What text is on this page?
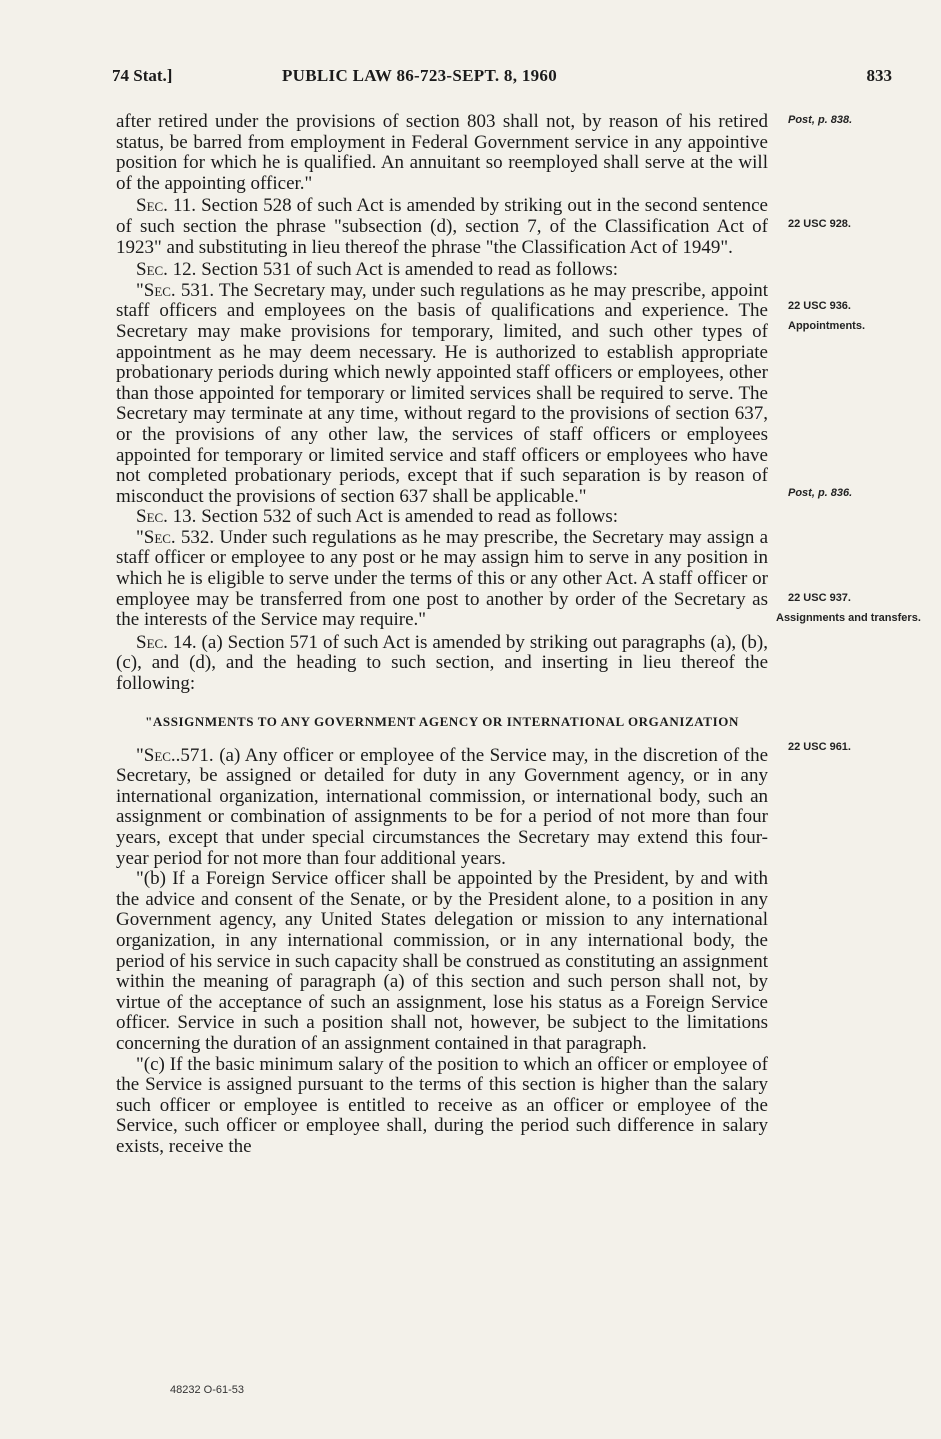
74 Stat.]	PUBLIC LAW 86-723-SEPT. 8, 1960	833

after retired under the provisions of section 803 shall not, by reason of his retired status, be barred from employment in Federal Government service in any appointive position for which he is qualified. An annuitant so reemployed shall serve at the will of the appointing officer."

Sec. 11. Section 528 of such Act is amended by striking out in the second sentence of such section the phrase "subsection (d), section 7, of the Classification Act of 1923" and substituting in lieu thereof the phrase "the Classification Act of 1949".

Sec. 12. Section 531 of such Act is amended to read as follows:

"Sec. 531. The Secretary may, under such regulations as he may prescribe, appoint staff officers and employees on the basis of qualifications and experience. The Secretary may make provisions for temporary, limited, and such other types of appointment as he may deem necessary. He is authorized to establish appropriate probationary periods during which newly appointed staff officers or employees, other than those appointed for temporary or limited services shall be required to serve. The Secretary may terminate at any time, without regard to the provisions of section 637, or the provisions of any other law, the services of staff officers or employees appointed for temporary or limited service and staff officers or employees who have not completed probationary periods, except that if such separation is by reason of misconduct the provisions of section 637 shall be applicable."

Sec. 13. Section 532 of such Act is amended to read as follows:

"Sec. 532. Under such regulations as he may prescribe, the Secretary may assign a staff officer or employee to any post or he may assign him to serve in any position in which he is eligible to serve under the terms of this or any other Act. A staff officer or employee may be transferred from one post to another by order of the Secretary as the interests of the Service may require."

Sec. 14. (a) Section 571 of such Act is amended by striking out paragraphs (a), (b), (c), and (d), and the heading to such section, and inserting in lieu thereof the following:

"ASSIGNMENTS TO ANY GOVERNMENT AGENCY OR INTERNATIONAL ORGANIZATION

"Sec..571. (a) Any officer or employee of the Service may, in the discretion of the Secretary, be assigned or detailed for duty in any Government agency, or in any international organization, international commission, or international body, such an assignment or combination of assignments to be for a period of not more than four years, except that under special circumstances the Secretary may extend this four-year period for not more than four additional years.

"(b) If a Foreign Service officer shall be appointed by the President, by and with the advice and consent of the Senate, or by the President alone, to a position in any Government agency, any United States delegation or mission to any international organization, in any international commission, or in any international body, the period of his service in such capacity shall be construed as constituting an assignment within the meaning of paragraph (a) of this section and such person shall not, by virtue of the acceptance of such an assignment, lose his status as a Foreign Service officer. Service in such a position shall not, however, be subject to the limitations concerning the duration of an assignment contained in that paragraph.

"(c) If the basic minimum salary of the position to which an officer or employee of the Service is assigned pursuant to the terms of this section is higher than the salary such officer or employee is entitled to receive as an officer or employee of the Service, such officer or employee shall, during the period such difference in salary exists, receive the

Post, p. 838.
22 USC 928.
22 USC 936.
Appointments.
Post, p. 836.
22 USC 937.
Assignments and transfers.
22 USC 961.
48232 O-61-53
